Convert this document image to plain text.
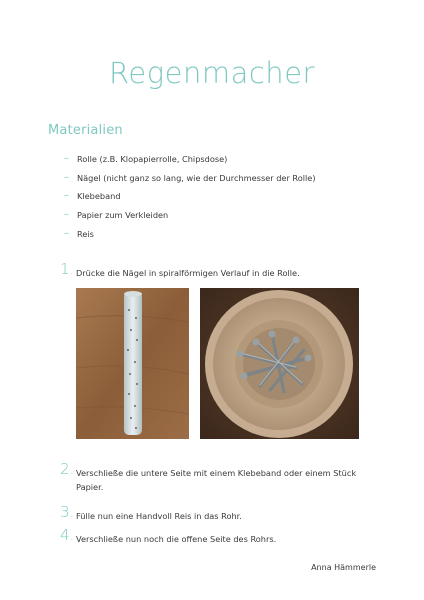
Regenmacher
Materialien
– Rolle (z.B. Klopapierrolle, Chipsdose)
– Nägel (nicht ganz so lang, wie der Durchmesser der Rolle)
– Klebeband
– Papier zum Verkleiden
– Reis
1. Drücke die Nägel in spiralförmigen Verlauf in die Rolle.
2. Verschließe die untere Seite mit einem Klebeband oder einem Stück
Papier.
3. Fülle nun eine Handvoll Reis in das Rohr.
4. Verschließe nun noch die offene Seite des Rohrs.
Anna Hämmerle
